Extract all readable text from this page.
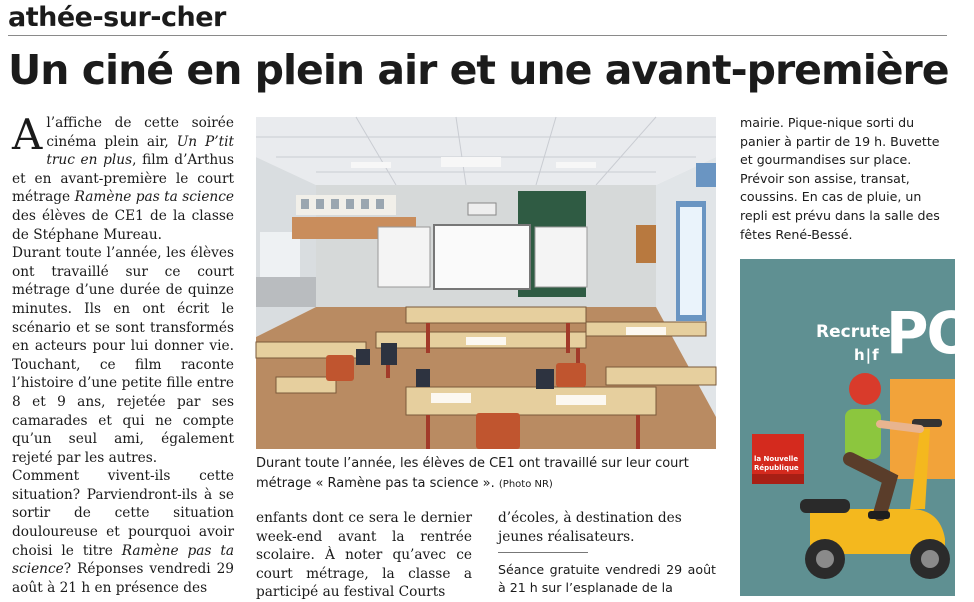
athée-sur-cher
Un ciné en plein air et une avant-première

Al’affiche de cette soirée cinéma plein air, Un P’tit truc en plus, film d’Arthus et en avant-première le court métrage Ramène pas ta science des élèves de CE1 de la classe de Stéphane Mureau.

Durant toute l’année, les élèves ont travaillé sur ce court métrage d’une durée de quinze minutes. Ils en ont écrit le scénario et se sont transformés en acteurs pour lui donner vie. Touchant, ce film raconte l’histoire d’une petite fille entre 8 et 9 ans, rejetée par ses camarades et qui ne compte qu’un seul ami, également rejeté par les autres.

Comment vivent-ils cette situation? Parviendront-ils à se sortir de cette situation douloureuse et pourquoi avoir choisi le titre Ramène pas ta science? Réponses vendredi 29 août à 21 h en présence des

Durant toute l’année, les élèves de CE1 ont travaillé sur leur court métrage « Ramène pas ta science ». (Photo NR)

enfants dont ce sera le dernier week-end avant la rentrée scolaire. À noter qu’avec ce court métrage, la classe a participé au festival Courts

d’écoles, à destination des jeunes réalisateurs.

Séance gratuite vendredi 29 août à 21 h sur l’esplanade de la

mairie. Pique-nique sorti du panier à partir de 19 h. Buvette et gourmandises sur place. Prévoir son assise, transat, coussins. En cas de pluie, un repli est prévu dans la salle des fêtes René-Bessé.

Recrute
h|f PO
la Nouvelle
République
